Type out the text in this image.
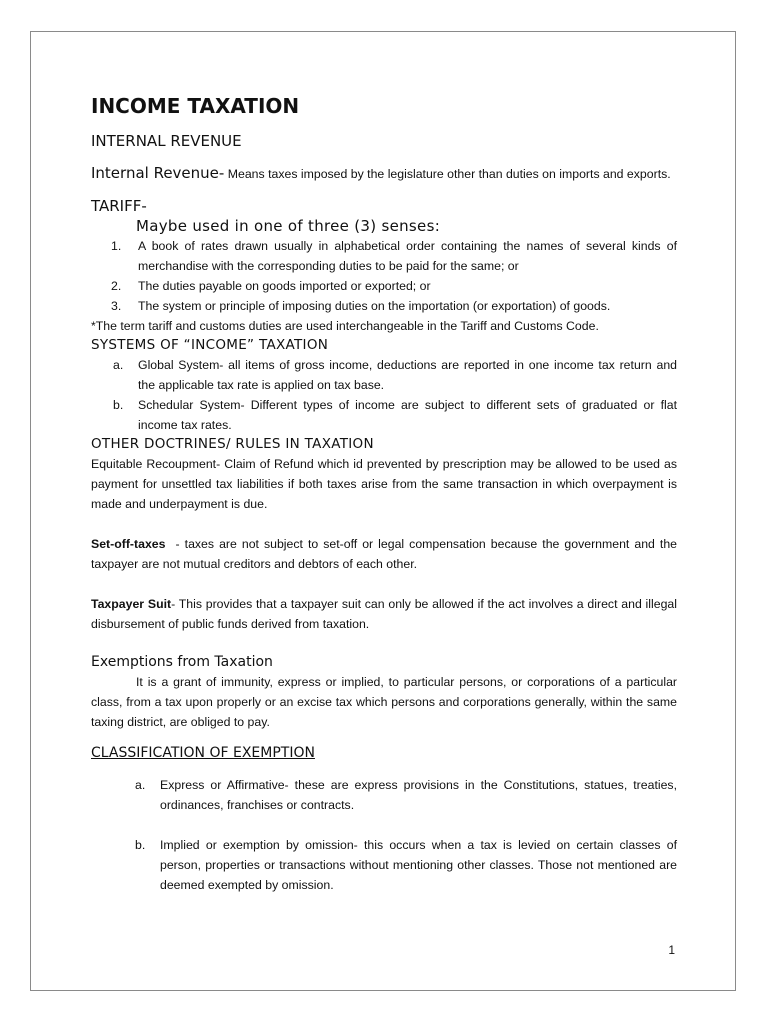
INCOME TAXATION
INTERNAL REVENUE

Internal Revenue- Means taxes imposed by the legislature other than duties on imports and exports.

TARIFF-
Maybe used in one of three (3) senses:
1. A book of rates drawn usually in alphabetical order containing the names of several kinds of merchandise with the corresponding duties to be paid for the same; or
2. The duties payable on goods imported or exported; or
3. The system or principle of imposing duties on the importation (or exportation) of goods.

*The term tariff and customs duties are used interchangeable in the Tariff and Customs Code.

SYSTEMS OF “INCOME” TAXATION
a. Global System- all items of gross income, deductions are reported in one income tax return and the applicable tax rate is applied on tax base.
b. Schedular System- Different types of income are subject to different sets of graduated or flat income tax rates.
OTHER DOCTRINES/ RULES IN TAXATION

Equitable Recoupment- Claim of Refund which id prevented by prescription may be allowed to be used as payment for unsettled tax liabilities if both taxes arise from the same transaction in which overpayment is made and underpayment is due.

Set-off-taxes  - taxes are not subject to set-off or legal compensation because the government and the taxpayer are not mutual creditors and debtors of each other.

Taxpayer Suit- This provides that a taxpayer suit can only be allowed if the act involves a direct and illegal disbursement of public funds derived from taxation.

Exemptions from Taxation

It is a grant of immunity, express or implied, to particular persons, or corporations of a particular class, from a tax upon properly or an excise tax which persons and corporations generally, within the same taxing district, are obliged to pay.

CLASSIFICATION OF EXEMPTION
a. Express or Affirmative- these are express provisions in the Constitutions, statues, treaties, ordinances, franchises or contracts.
b. Implied or exemption by omission- this occurs when a tax is levied on certain classes of person, properties or transactions without mentioning other classes. Those not mentioned are deemed exempted by omission.
1
